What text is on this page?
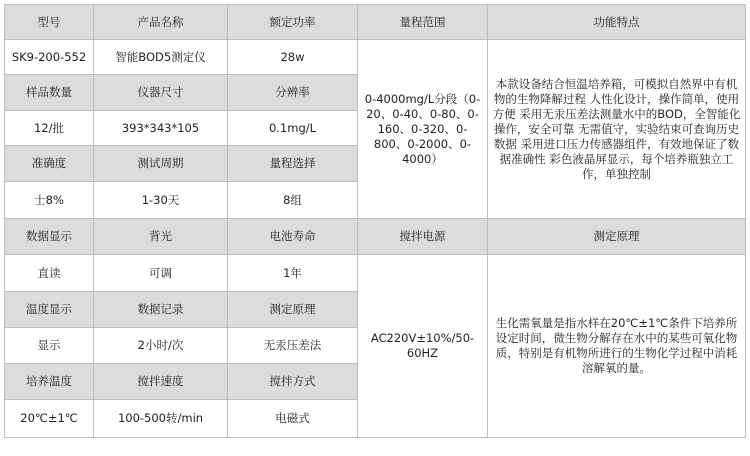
型号	产品名称	额定功率	量程范围	功能特点
SK9-200-552	智能BOD5测定仪	28w	0-4000mg/L分段（0-20、0-40、0-80、0-160、0-320、0-800、0-2000、0-4000）	本款设备结合恒温培养箱，可模拟自然界中有机物的生物降解过程 人性化设计，操作简单，使用方便 采用无汞压差法测量水中的BOD，全智能化操作，安全可靠 无需值守，实验结束可查询历史数据 采用进口压力传感器组件，有效地保证了数据准确性 彩色液晶屏显示，每个培养瓶独立工作，单独控制
样品数量	仪器尺寸	分辨率		
12/批	393*343*105	0.1mg/L		
准确度	测试周期	量程选择		
士8%	1-30天	8组		
数据显示	背光	电池寿命	搅拌电源	测定原理
直读	可调	1年	AC220V±10%/50-60HZ	生化需氧量是指水样在20℃±1℃条件下培养所设定时间，微生物分解存在水中的某些可氧化物质，特别是有机物所进行的生物化学过程中消耗溶解氧的量。
温度显示	数据记录	测定原理		
显示	2小时/次	无汞压差法		
培养温度	搅拌速度	搅拌方式		
20℃±1℃	100-500转/min	电磁式		
